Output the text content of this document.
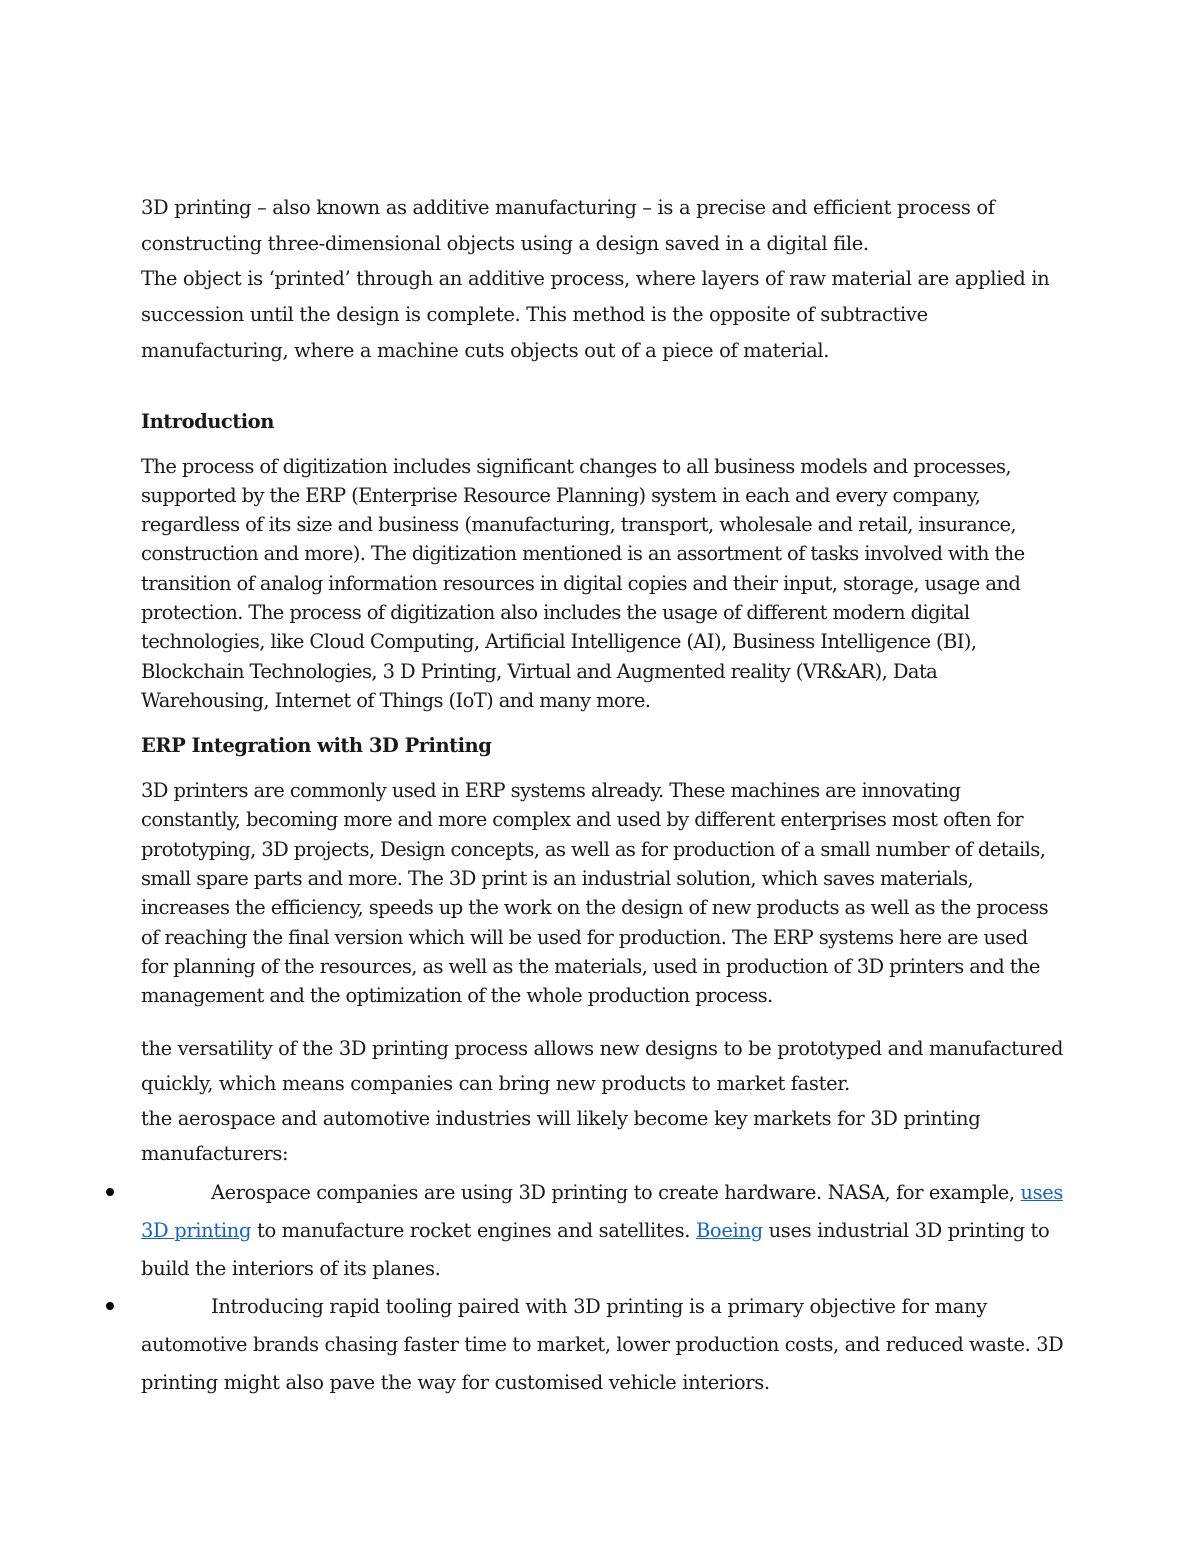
3D printing – also known as additive manufacturing – is a precise and efficient process of
constructing three-dimensional objects using a design saved in a digital file.
The object is ‘printed’ through an additive process, where layers of raw material are applied in
succession until the design is complete. This method is the opposite of subtractive
manufacturing, where a machine cuts objects out of a piece of material.
Introduction
The process of digitization includes significant changes to all business models and processes,
supported by the ERP (Enterprise Resource Planning) system in each and every company,
regardless of its size and business (manufacturing, transport, wholesale and retail, insurance,
construction and more). The digitization mentioned is an assortment of tasks involved with the
transition of analog information resources in digital copies and their input, storage, usage and
protection. The process of digitization also includes the usage of different modern digital
technologies, like Cloud Computing, Artificial Intelligence (AI), Business Intelligence (BI),
Blockchain Technologies, 3 D Printing, Virtual and Augmented reality (VR&AR), Data
Warehousing, Internet of Things (IoT) and many more.
ERP Integration with 3D Printing
3D printers are commonly used in ERP systems already. These machines are innovating
constantly, becoming more and more complex and used by different enterprises most often for
prototyping, 3D projects, Design concepts, as well as for production of a small number of details,
small spare parts and more. The 3D print is an industrial solution, which saves materials,
increases the efficiency, speeds up the work on the design of new products as well as the process
of reaching the final version which will be used for production. The ERP systems here are used
for planning of the resources, as well as the materials, used in production of 3D printers and the
management and the optimization of the whole production process.
the versatility of the 3D printing process allows new designs to be prototyped and manufactured
quickly, which means companies can bring new products to market faster.
the aerospace and automotive industries will likely become key markets for 3D printing
manufacturers:
Aerospace companies are using 3D printing to create hardware. NASA, for example, uses
3D printing to manufacture rocket engines and satellites. Boeing uses industrial 3D printing to
build the interiors of its planes.
Introducing rapid tooling paired with 3D printing is a primary objective for many
automotive brands chasing faster time to market, lower production costs, and reduced waste. 3D
printing might also pave the way for customised vehicle interiors.
